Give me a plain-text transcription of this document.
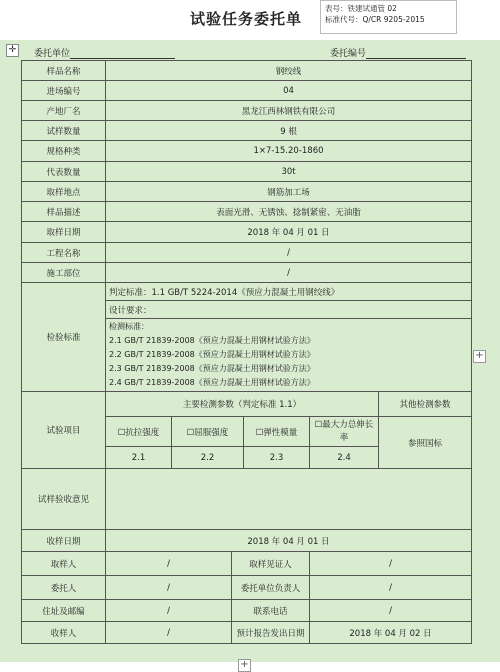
试验任务委托单
表号：铁建试通管 02
标准代号：Q/CR 9205-2015
✛	委托单位	委托编号
样品名称	钢绞线					
进场编号	04					
产地厂名	黑龙江西林钢铁有限公司					
试样数量	9 根					
规格种类	1×7-15.20-1860					
代表数量	30t					
取样地点	钢筋加工场					
样品描述	表面光滑、无锈蚀、捻制紧密、无油脂					
取样日期	2018 年 04 月 01 日					
工程名称	/					
施工部位	/					
检验标准	判定标准：1.1 GB/T 5224-2014《预应力混凝土用钢绞线》					
	设计要求：					

	检测标准：
2.1 GB/T 21839-2008《预应力混凝土用钢材试验方法》
2.2 GB/T 21839-2008《预应力混凝土用钢材试验方法》
2.3 GB/T 21839-2008《预应力混凝土用钢材试验方法》
2.4 GB/T 21839-2008《预应力混凝土用钢材试验方法》					

试验项目	主要检测参数（判定标准 1.1）					其他检测参数
	☐抗拉强度	☐屈服强度		☐弹性模量	☐最大力总伸长率	参照国标
	2.1	2.2		2.3	2.4	
试样验收意见						
收样日期	2018 年 04 月 01 日					
取样人	/		取样见证人		/	
委托人	/		委托单位负责人		/	
住址及邮编	/		联系电话		/	
收样人	/		预计报告发出日期		2018 年 04 月 02 日	
+
+
